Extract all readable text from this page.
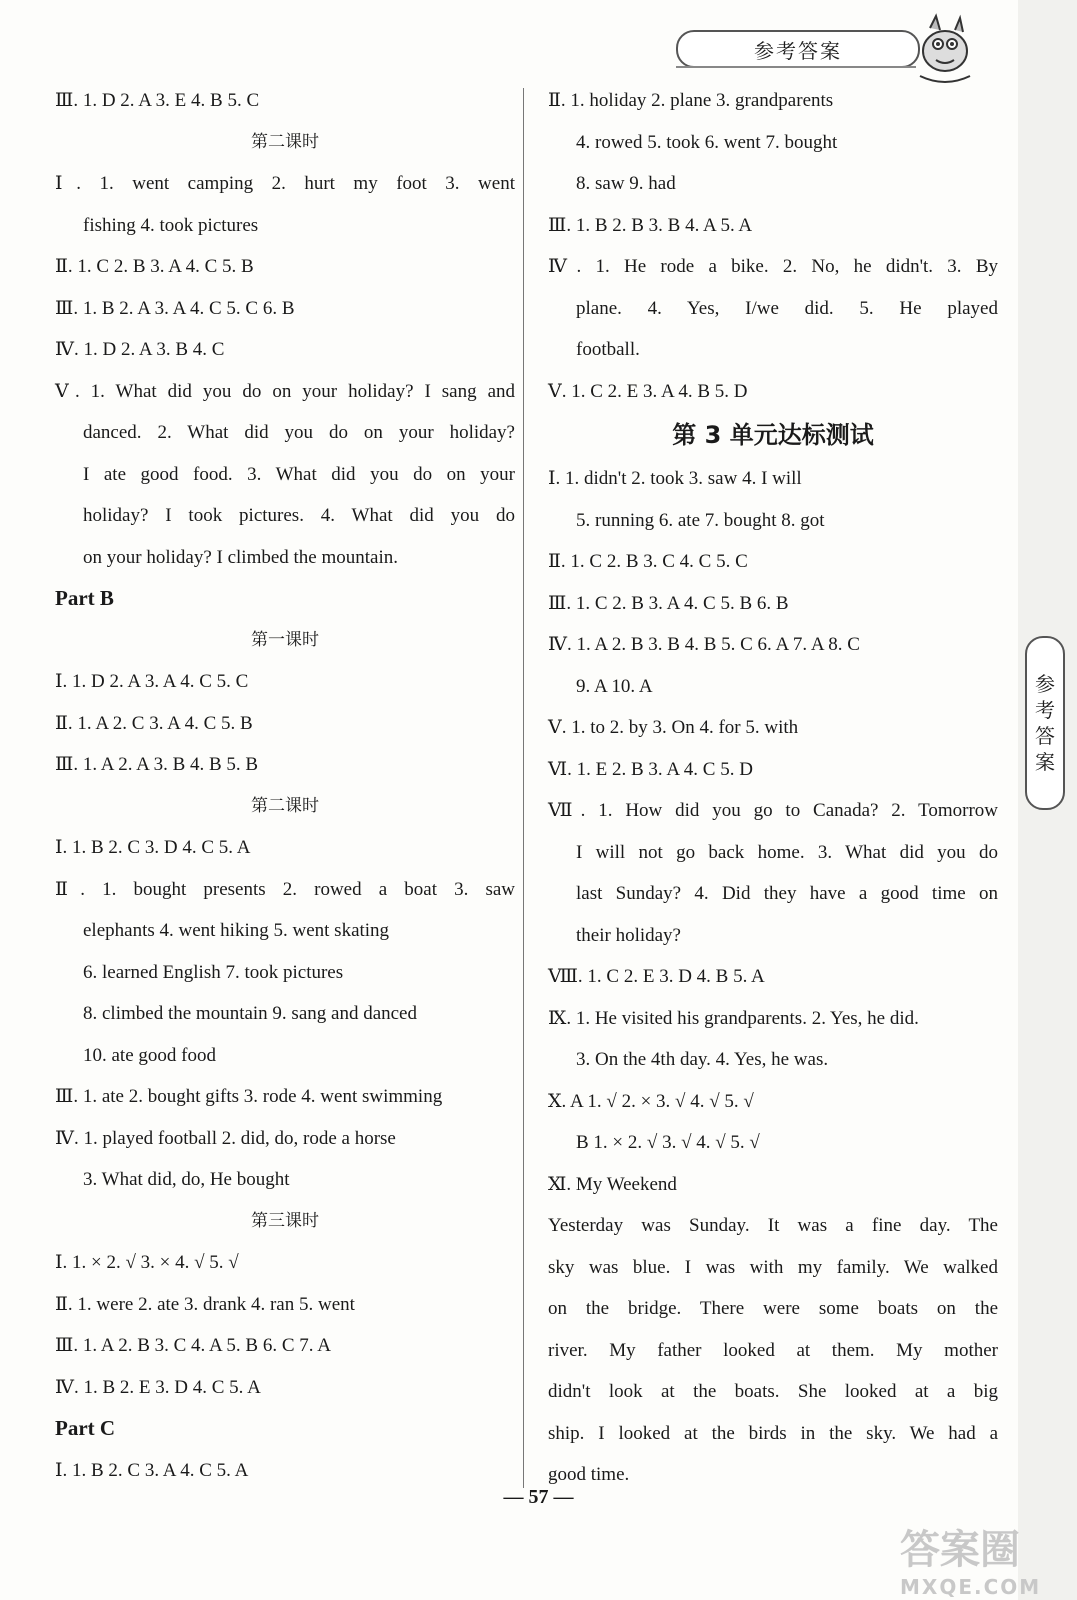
参考答案
Ⅲ. 1. D 2. A 3. E 4. B 5. C
第二课时
Ⅰ. 1. went camping 2. hurt my foot 3. went
fishing 4. took pictures
Ⅱ. 1. C 2. B 3. A 4. C 5. B
Ⅲ. 1. B 2. A 3. A 4. C 5. C 6. B
Ⅳ. 1. D 2. A 3. B 4. C
Ⅴ. 1. What did you do on your holiday? I sang and
danced. 2. What did you do on your holiday?
I ate good food. 3. What did you do on your
holiday? I took pictures. 4. What did you do
on your holiday? I climbed the mountain.
Part B
第一课时
Ⅰ. 1. D 2. A 3. A 4. C 5. C
Ⅱ. 1. A 2. C 3. A 4. C 5. B
Ⅲ. 1. A 2. A 3. B 4. B 5. B
第二课时
Ⅰ. 1. B 2. C 3. D 4. C 5. A
Ⅱ. 1. bought presents 2. rowed a boat 3. saw
elephants 4. went hiking 5. went skating
6. learned English 7. took pictures
8. climbed the mountain 9. sang and danced
10. ate good food
Ⅲ. 1. ate 2. bought gifts 3. rode 4. went swimming
Ⅳ. 1. played football 2. did, do, rode a horse
3. What did, do, He bought
第三课时
Ⅰ. 1. × 2. √ 3. × 4. √ 5. √
Ⅱ. 1. were 2. ate 3. drank 4. ran 5. went
Ⅲ. 1. A 2. B 3. C 4. A 5. B 6. C 7. A
Ⅳ. 1. B 2. E 3. D 4. C 5. A
Part C
Ⅰ. 1. B 2. C 3. A 4. C 5. A
Ⅱ. 1. holiday 2. plane 3. grandparents
4. rowed 5. took 6. went 7. bought
8. saw 9. had
Ⅲ. 1. B 2. B 3. B 4. A 5. A
Ⅳ. 1. He rode a bike. 2. No, he didn't. 3. By
plane. 4. Yes, I/we did. 5. He played
football.
Ⅴ. 1. C 2. E 3. A 4. B 5. D
第 3 单元达标测试
Ⅰ. 1. didn't 2. took 3. saw 4. I will
5. running 6. ate 7. bought 8. got
Ⅱ. 1. C 2. B 3. C 4. C 5. C
Ⅲ. 1. C 2. B 3. A 4. C 5. B 6. B
Ⅳ. 1. A 2. B 3. B 4. B 5. C 6. A 7. A 8. C
9. A 10. A
Ⅴ. 1. to 2. by 3. On 4. for 5. with
Ⅵ. 1. E 2. B 3. A 4. C 5. D
Ⅶ. 1. How did you go to Canada? 2. Tomorrow
I will not go back home. 3. What did you do
last Sunday? 4. Did they have a good time on
their holiday?
Ⅷ. 1. C 2. E 3. D 4. B 5. A
Ⅸ. 1. He visited his grandparents. 2. Yes, he did.
3. On the 4th day. 4. Yes, he was.
Ⅹ. A 1. √ 2. × 3. √ 4. √ 5. √
B 1. × 2. √ 3. √ 4. √ 5. √
Ⅺ. My Weekend
Yesterday was Sunday. It was a fine day. The
sky was blue. I was with my family. We walked
on the bridge. There were some boats on the
river. My father looked at them. My mother
didn't look at the boats. She looked at a big
ship. I looked at the birds in the sky. We had a
good time.
参
考
答
案
— 57 —
答案圈
MXQE.COM
